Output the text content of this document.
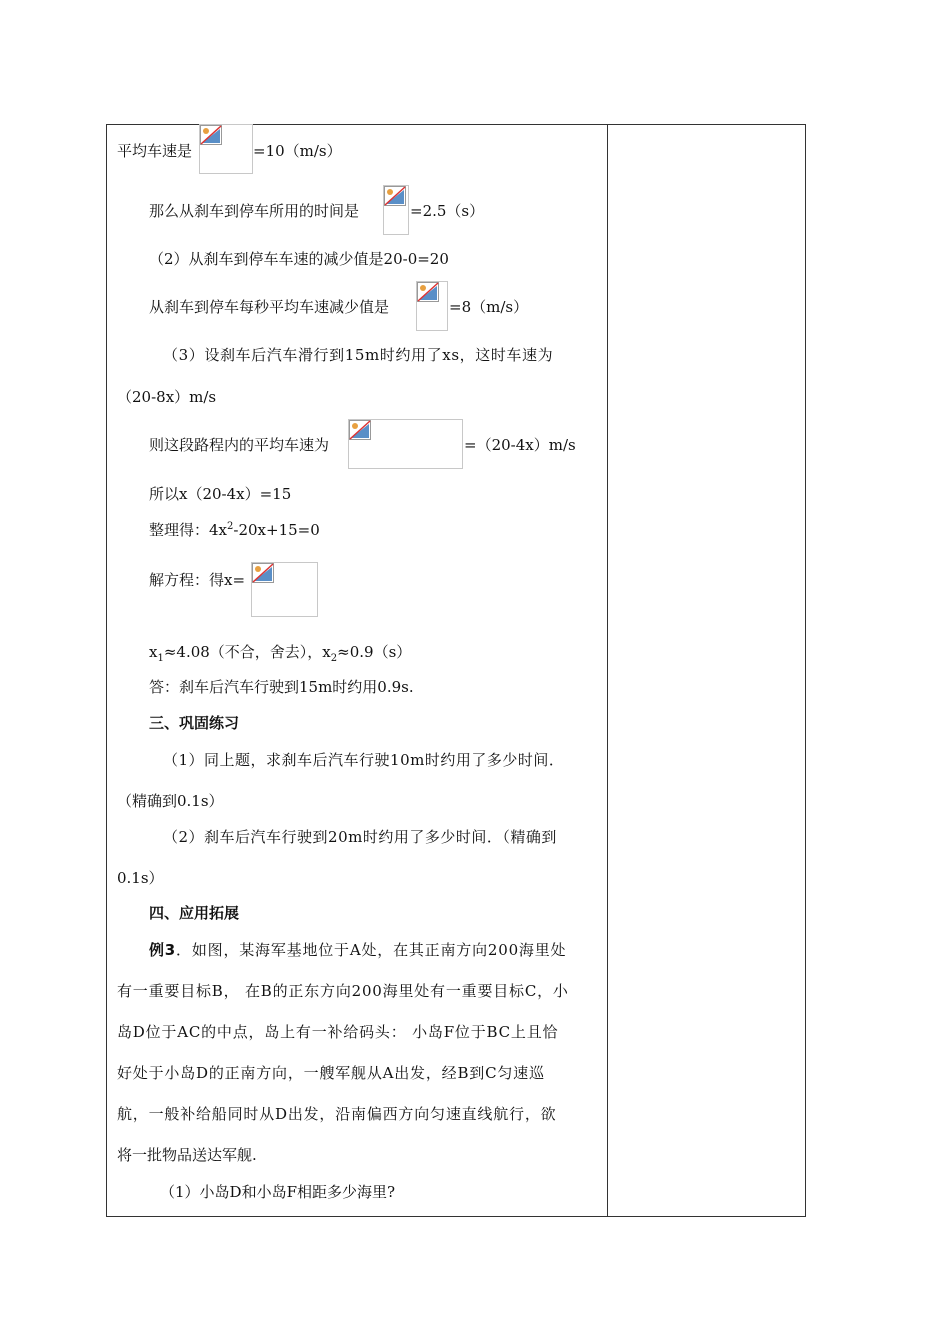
平均车速是	=10（m/s）
那么从刹车到停车所用的时间是	=2.5（s）
（2）从刹车到停车车速的减少值是20-0=20
从刹车到停车每秒平均车速减少值是	=8（m/s）
（3）设刹车后汽车滑行到15m时约用了xs，这时车速为
（20-8x）m/s
则这段路程内的平均车速为	=（20-4x）m/s
所以x（20-4x）=15
整理得：$4x^2-20x+15=0$
解方程：得x=
$x_1\approx 4.08$（不合，舍去），$x_2\approx 0.9(s)$
答：刹车后汽车行驶到15m时约用0.9s.
三、巩固练习
（1）同上题，求刹车后汽车行驶10m时约用了多少时间．
（精确到0.1s）
（2）刹车后汽车行驶到20m时约用了多少时间．（精确到
0.1s）
四、应用拓展
例3．如图，某海军基地位于A处，在其正南方向200海里处
有一重要目标B， 在B的正东方向200海里处有一重要目标C，小
岛D位于AC的中点，岛上有一补给码头： 小岛F位于BC上且恰
好处于小岛D的正南方向，一艘军舰从A出发，经B到C匀速巡
航，一般补给船同时从D出发，沿南偏西方向匀速直线航行，欲
将一批物品送达军舰.
（1）小岛D和小岛F相距多少海里?
